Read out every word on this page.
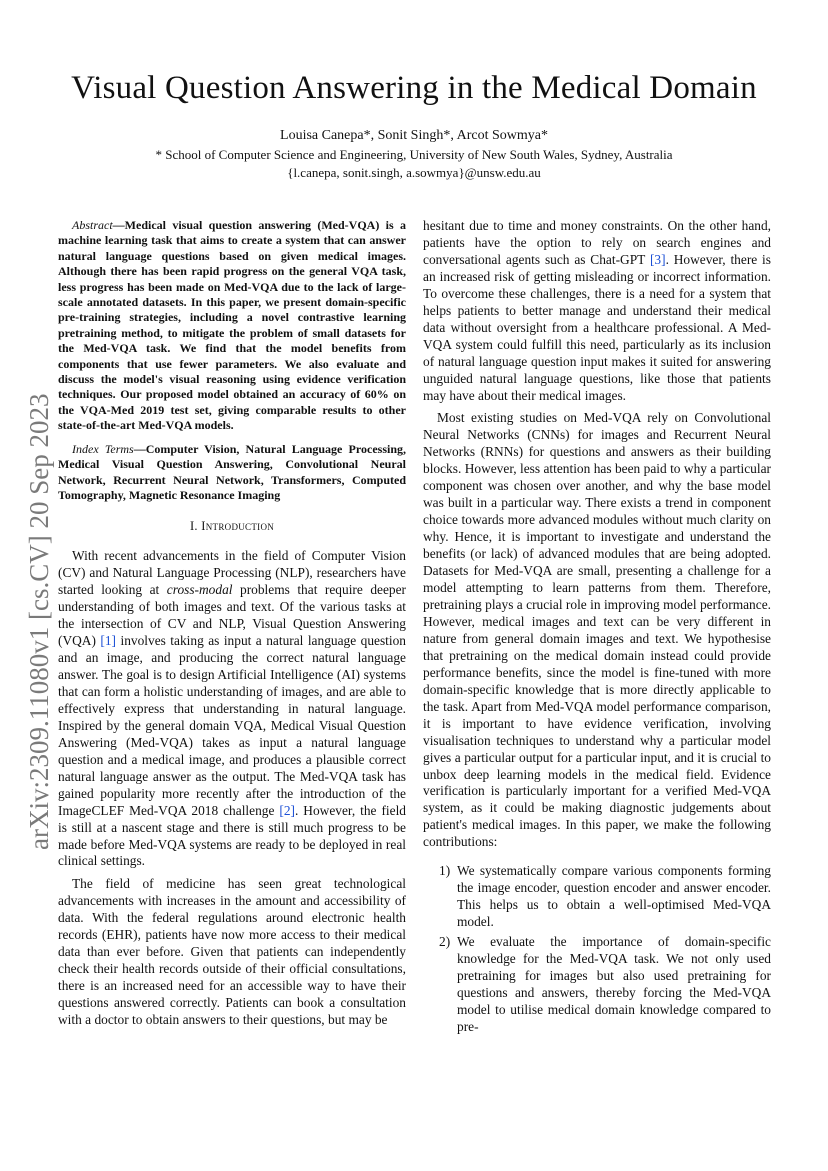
arXiv:2309.11080v1 [cs.CV] 20 Sep 2023
Visual Question Answering in the Medical Domain
Louisa Canepa*, Sonit Singh*, Arcot Sowmya*
* School of Computer Science and Engineering, University of New South Wales, Sydney, Australia
{l.canepa, sonit.singh, a.sowmya}@unsw.edu.au

Abstract—Medical visual question answering (Med-VQA) is a machine learning task that aims to create a system that can answer natural language questions based on given medical images. Although there has been rapid progress on the general VQA task, less progress has been made on Med-VQA due to the lack of large-scale annotated datasets. In this paper, we present domain-specific pre-training strategies, including a novel contrastive learning pretraining method, to mitigate the problem of small datasets for the Med-VQA task. We find that the model benefits from components that use fewer parameters. We also evaluate and discuss the model's visual reasoning using evidence verification techniques. Our proposed model obtained an accuracy of 60% on the VQA-Med 2019 test set, giving comparable results to other state-of-the-art Med-VQA models.

Index Terms—Computer Vision, Natural Language Processing, Medical Visual Question Answering, Convolutional Neural Network, Recurrent Neural Network, Transformers, Computed Tomography, Magnetic Resonance Imaging

I. Introduction

With recent advancements in the field of Computer Vision (CV) and Natural Language Processing (NLP), researchers have started looking at cross-modal problems that require deeper understanding of both images and text. Of the various tasks at the intersection of CV and NLP, Visual Question Answering (VQA) [1] involves taking as input a natural language question and an image, and producing the correct natural language answer. The goal is to design Artificial Intelligence (AI) systems that can form a holistic understanding of images, and are able to effectively express that understanding in natural language. Inspired by the general domain VQA, Medical Visual Question Answering (Med-VQA) takes as input a natural language question and a medical image, and produces a plausible correct natural language answer as the output. The Med-VQA task has gained popularity more recently after the introduction of the ImageCLEF Med-VQA 2018 challenge [2]. However, the field is still at a nascent stage and there is still much progress to be made before Med-VQA systems are ready to be deployed in real clinical settings.

The field of medicine has seen great technological advancements with increases in the amount and accessibility of data. With the federal regulations around electronic health records (EHR), patients have now more access to their medical data than ever before. Given that patients can independently check their health records outside of their official consultations, there is an increased need for an accessible way to have their questions answered correctly. Patients can book a consultation with a doctor to obtain answers to their questions, but may be

hesitant due to time and money constraints. On the other hand, patients have the option to rely on search engines and conversational agents such as Chat-GPT [3]. However, there is an increased risk of getting misleading or incorrect information. To overcome these challenges, there is a need for a system that helps patients to better manage and understand their medical data without oversight from a healthcare professional. A Med-VQA system could fulfill this need, particularly as its inclusion of natural language question input makes it suited for answering unguided natural language questions, like those that patients may have about their medical images.

Most existing studies on Med-VQA rely on Convolutional Neural Networks (CNNs) for images and Recurrent Neural Networks (RNNs) for questions and answers as their building blocks. However, less attention has been paid to why a particular component was chosen over another, and why the base model was built in a particular way. There exists a trend in component choice towards more advanced modules without much clarity on why. Hence, it is important to investigate and understand the benefits (or lack) of advanced modules that are being adopted. Datasets for Med-VQA are small, presenting a challenge for a model attempting to learn patterns from them. Therefore, pretraining plays a crucial role in improving model performance. However, medical images and text can be very different in nature from general domain images and text. We hypothesise that pretraining on the medical domain instead could provide performance benefits, since the model is fine-tuned with more domain-specific knowledge that is more directly applicable to the task. Apart from Med-VQA model performance comparison, it is important to have evidence verification, involving visualisation techniques to understand why a particular model gives a particular output for a particular input, and it is crucial to unbox deep learning models in the medical field. Evidence verification is particularly important for a verified Med-VQA system, as it could be making diagnostic judgements about patient's medical images. In this paper, we make the following contributions:

1) We systematically compare various components forming the image encoder, question encoder and answer encoder. This helps us to obtain a well-optimised Med-VQA model.
2) We evaluate the importance of domain-specific knowledge for the Med-VQA task. We not only used pretraining for images but also used pretraining for questions and answers, thereby forcing the Med-VQA model to utilise medical domain knowledge compared to pre-
